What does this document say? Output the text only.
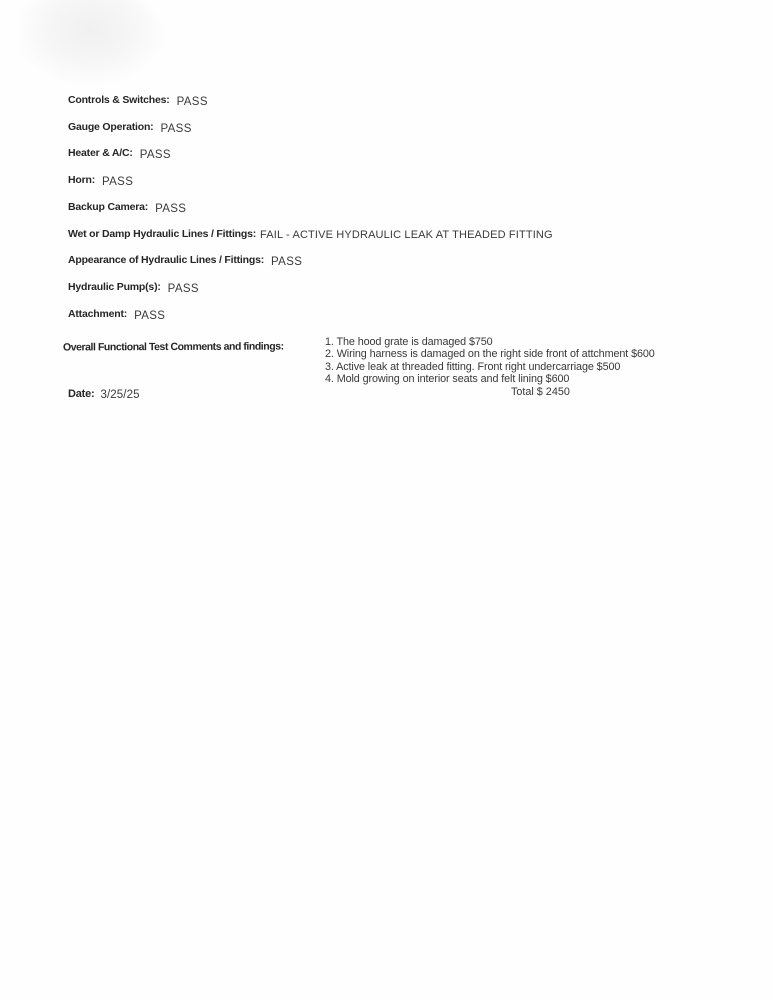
Controls & Switches: PASS
Gauge Operation: PASS
Heater & A/C: PASS
Horn: PASS
Backup Camera: PASS
Wet or Damp Hydraulic Lines / Fittings: FAIL - ACTIVE HYDRAULIC LEAK AT THEADED FITTING
Appearance of Hydraulic Lines / Fittings: PASS
Hydraulic Pump(s): PASS
Attachment: PASS
Overall Functional Test Comments and findings:	1. The hood grate is damaged $750
2. Wiring harness is damaged on the right side front of attchment $600
3. Active leak at threaded fitting. Front right undercarriage $500
4. Mold growing on interior seats and felt lining $600
Total $ 2450
Date: 3/25/25
